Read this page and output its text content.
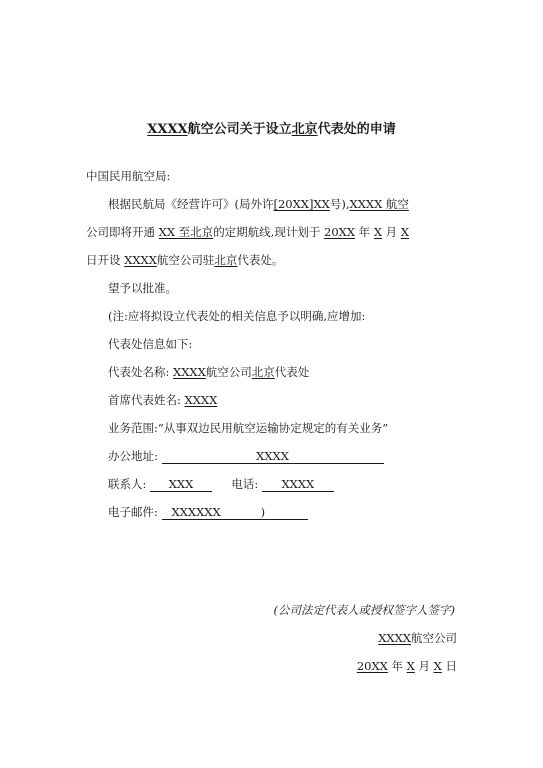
XXXX航空公司关于设立北京代表处的申请
中国民用航空局:
根据民航局《经营许可》(局外许[20XX]XX号),XXXX 航空
公司即将开通 XX 至北京的定期航线,现计划于 20XX 年 X 月 X
日开设 XXXX航空公司驻北京代表处。
望予以批准。
(注:应将拟设立代表处的相关信息予以明确,应增加:
代表处信息如下:
代表处名称: XXXX航空公司北京代表处
首席代表姓名: XXXX
业务范围:“从事双边民用航空运输协定规定的有关业务”
办公地址:	XXXX
联系人: XXX	电话: XXXX
电子邮件: XXXXXX	)
(公司法定代表人或授权签字人签字)
XXXX航空公司
20XX 年 X 月 X 日
